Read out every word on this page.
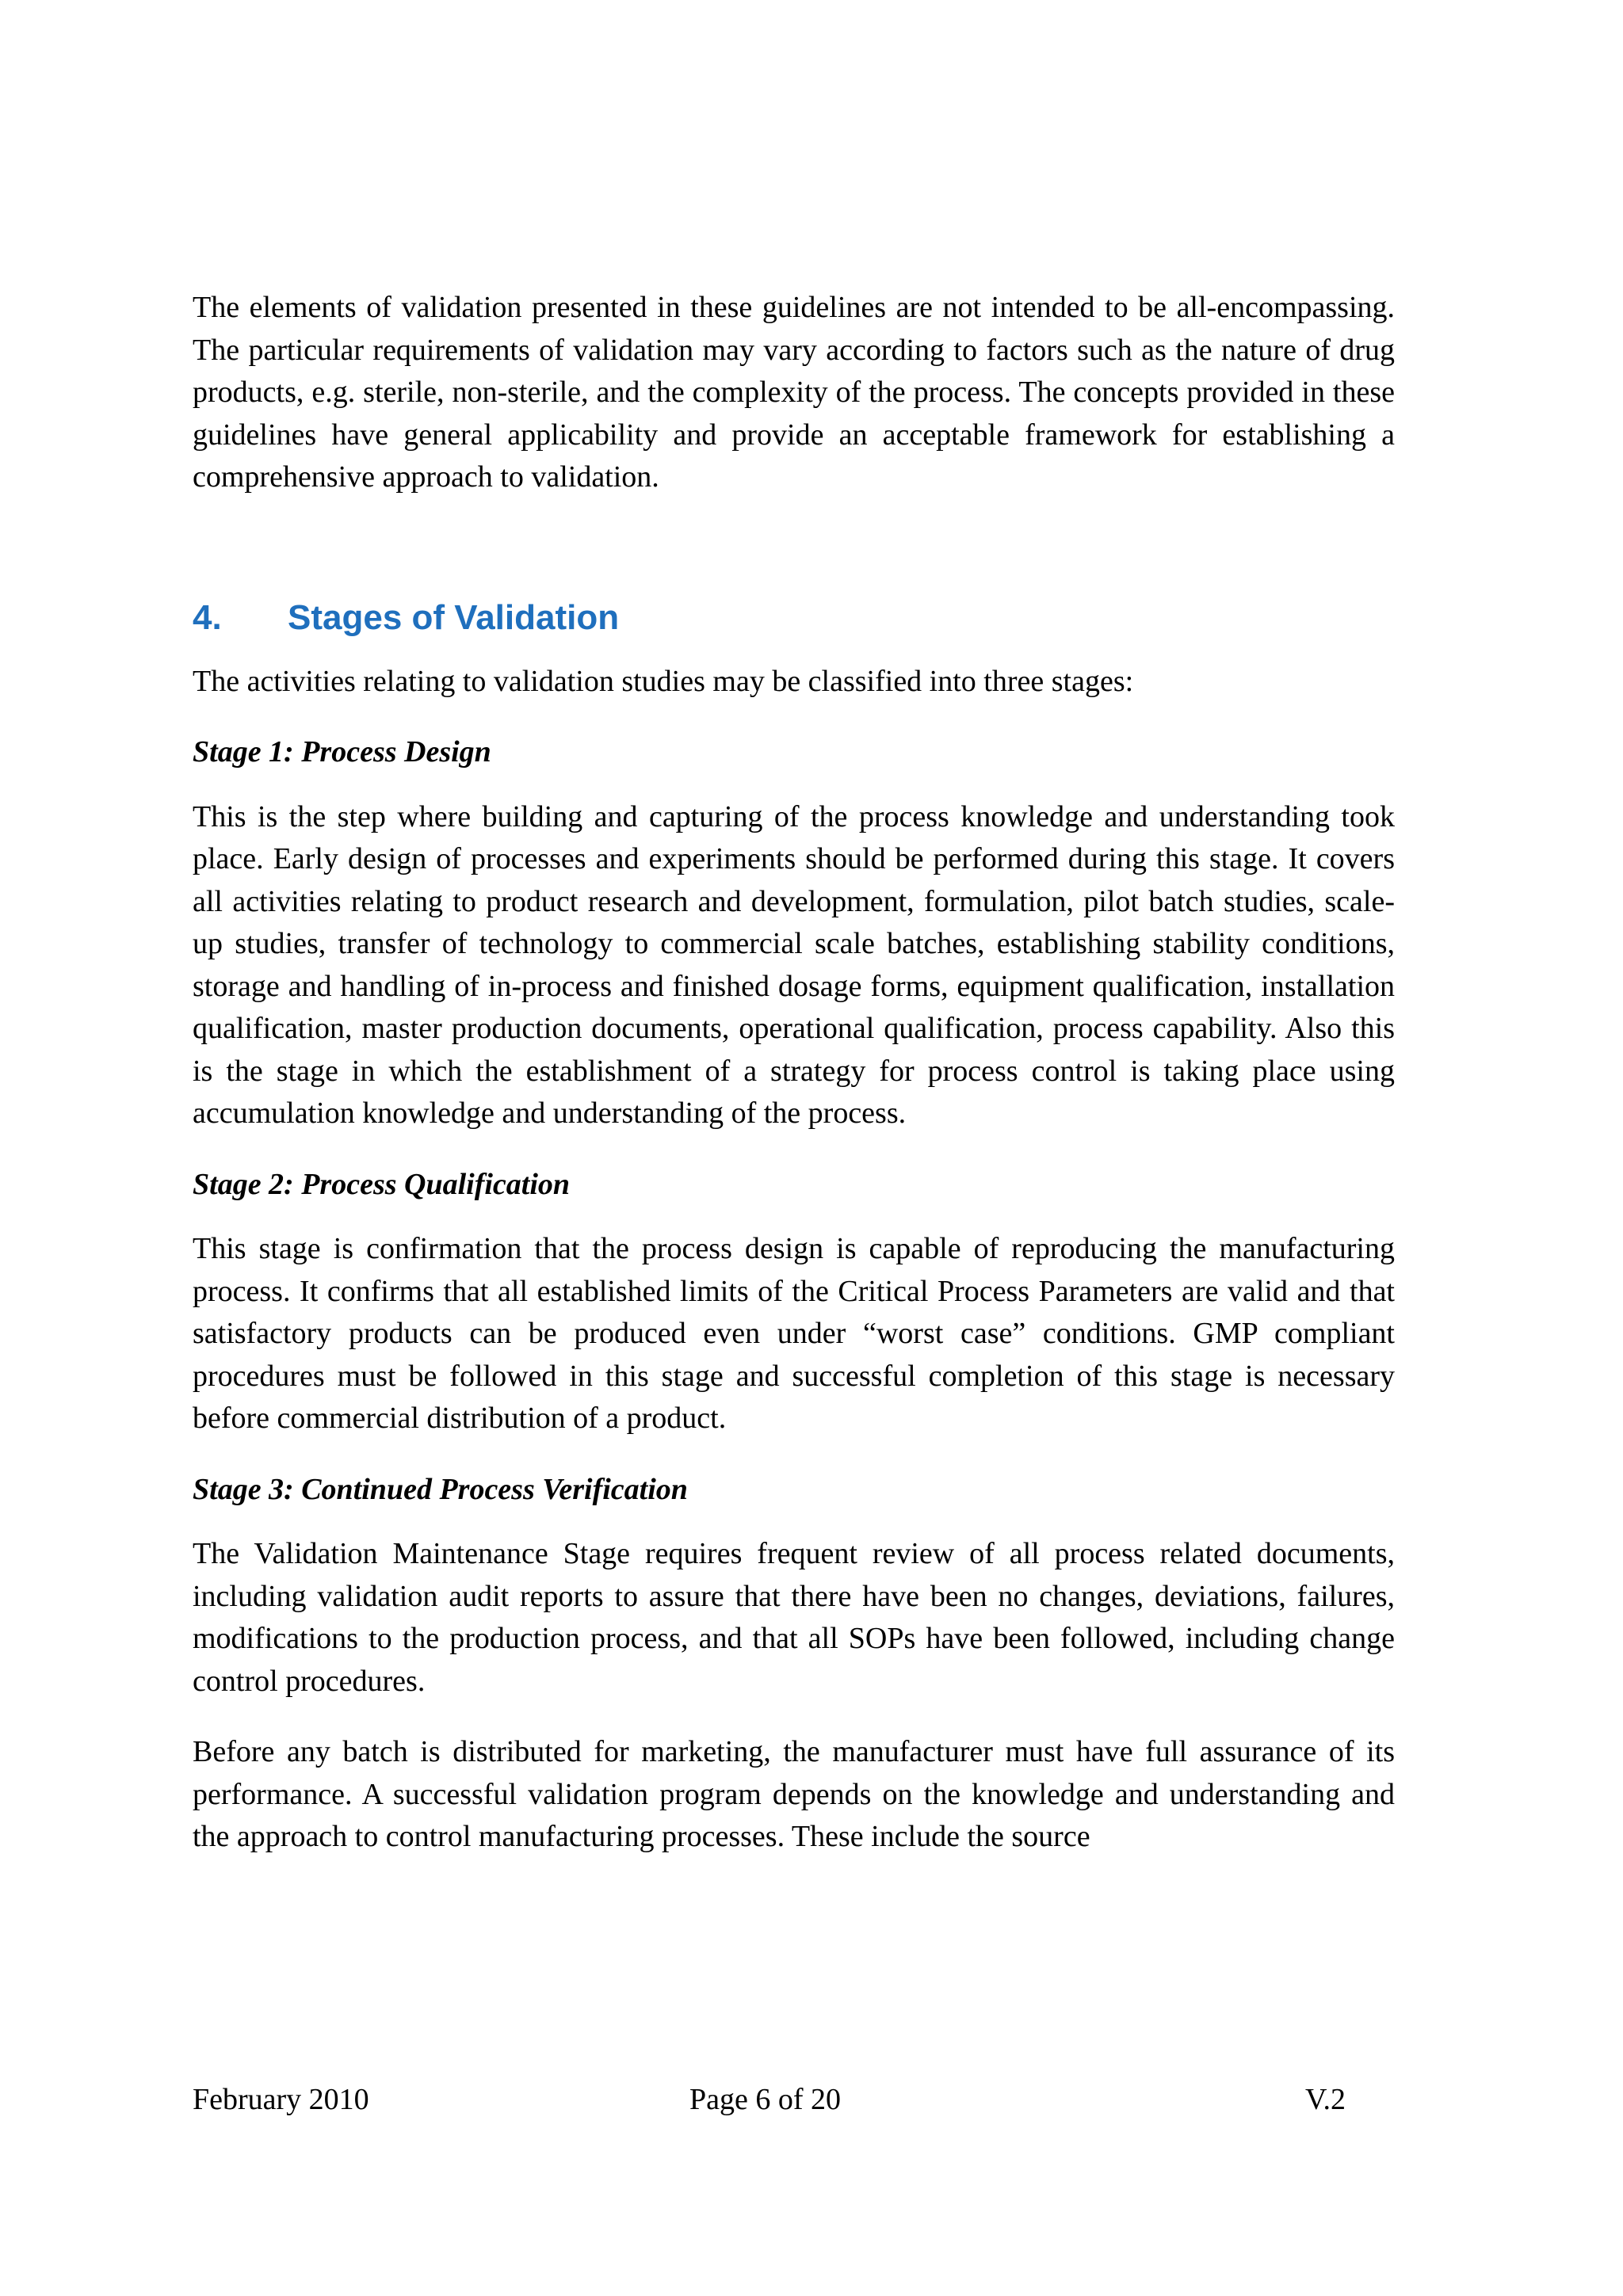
The elements of validation presented in these guidelines are not intended to be all-encompassing. The particular requirements of validation may vary according to factors such as the nature of drug products, e.g. sterile, non-sterile, and the complexity of the process. The concepts provided in these guidelines have general applicability and provide an acceptable framework for establishing a comprehensive approach to validation.

4.	Stages of Validation

The activities relating to validation studies may be classified into three stages:

Stage 1: Process Design

This is the step where building and capturing of the process knowledge and understanding took place. Early design of processes and experiments should be performed during this stage. It covers all activities relating to product research and development, formulation, pilot batch studies, scale-up studies, transfer of technology to commercial scale batches, establishing stability conditions, storage and handling of in-process and finished dosage forms, equipment qualification, installation qualification, master production documents, operational qualification, process capability. Also this is the stage in which the establishment of a strategy for process control is taking place using accumulation knowledge and understanding of the process.

Stage 2: Process Qualification

This stage is confirmation that the process design is capable of reproducing the manufacturing process. It confirms that all established limits of the Critical Process Parameters are valid and that satisfactory products can be produced even under “worst case” conditions. GMP compliant procedures must be followed in this stage and successful completion of this stage is necessary before commercial distribution of a product.

Stage 3: Continued Process Verification

The Validation Maintenance Stage requires frequent review of all process related documents, including validation audit reports to assure that there have been no changes, deviations, failures, modifications to the production process, and that all SOPs have been followed, including change control procedures.

Before any batch is distributed for marketing, the manufacturer must have full assurance of its performance. A successful validation program depends on the knowledge and understanding and the approach to control manufacturing processes. These include the source

February 2010	Page 6 of 20	V.2
